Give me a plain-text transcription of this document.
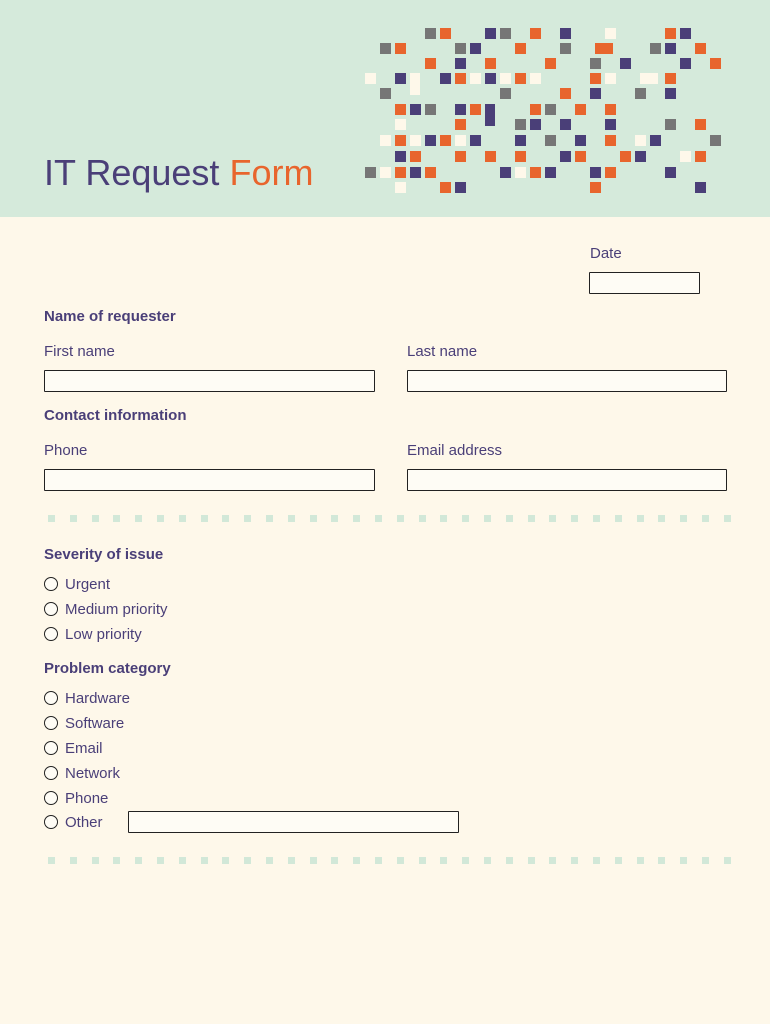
IT Request Form
Date
Name of requester
First name	Last name
Contact information
Phone	Email address
Severity of issue
Urgent
Medium priority
Low priority
Problem category
Hardware
Software
Email
Network
Phone
Other
